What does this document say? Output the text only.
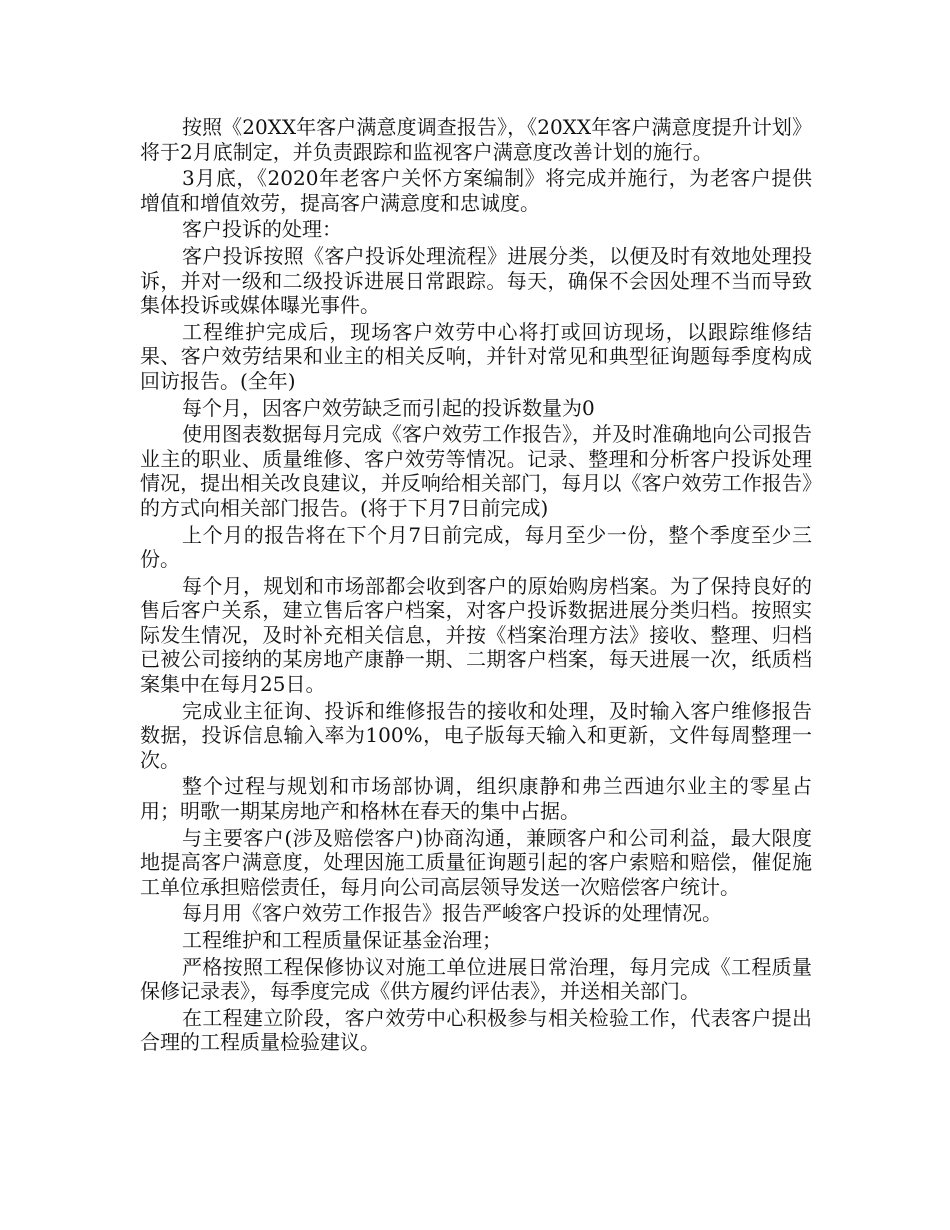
按照《20XX年客户满意度调查报告》，《20XX年客户满意度提升计划》将于2月底制定，并负责跟踪和监视客户满意度改善计划的施行。

3月底，《2020年老客户关怀方案编制》将完成并施行，为老客户提供增值和增值效劳，提高客户满意度和忠诚度。

客户投诉的处理：

客户投诉按照《客户投诉处理流程》进展分类，以便及时有效地处理投诉，并对一级和二级投诉进展日常跟踪。每天，确保不会因处理不当而导致集体投诉或媒体曝光事件。

工程维护完成后，现场客户效劳中心将打或回访现场，以跟踪维修结果、客户效劳结果和业主的相关反响，并针对常见和典型征询题每季度构成回访报告。(全年)

每个月，因客户效劳缺乏而引起的投诉数量为0

使用图表数据每月完成《客户效劳工作报告》，并及时准确地向公司报告业主的职业、质量维修、客户效劳等情况。记录、整理和分析客户投诉处理情况，提出相关改良建议，并反响给相关部门，每月以《客户效劳工作报告》的方式向相关部门报告。(将于下月7日前完成)

上个月的报告将在下个月7日前完成，每月至少一份，整个季度至少三份。

每个月，规划和市场部都会收到客户的原始购房档案。为了保持良好的售后客户关系，建立售后客户档案，对客户投诉数据进展分类归档。按照实际发生情况，及时补充相关信息，并按《档案治理方法》接收、整理、归档已被公司接纳的某房地产康静一期、二期客户档案，每天进展一次，纸质档案集中在每月25日。

完成业主征询、投诉和维修报告的接收和处理，及时输入客户维修报告数据，投诉信息输入率为100%，电子版每天输入和更新，文件每周整理一次。

整个过程与规划和市场部协调，组织康静和弗兰西迪尔业主的零星占用；明歌一期某房地产和格林在春天的集中占据。

与主要客户(涉及赔偿客户)协商沟通，兼顾客户和公司利益，最大限度地提高客户满意度，处理因施工质量征询题引起的客户索赔和赔偿，催促施工单位承担赔偿责任，每月向公司高层领导发送一次赔偿客户统计。

每月用《客户效劳工作报告》报告严峻客户投诉的处理情况。

工程维护和工程质量保证基金治理；

严格按照工程保修协议对施工单位进展日常治理，每月完成《工程质量保修记录表》，每季度完成《供方履约评估表》，并送相关部门。

在工程建立阶段，客户效劳中心积极参与相关检验工作，代表客户提出合理的工程质量检验建议。
